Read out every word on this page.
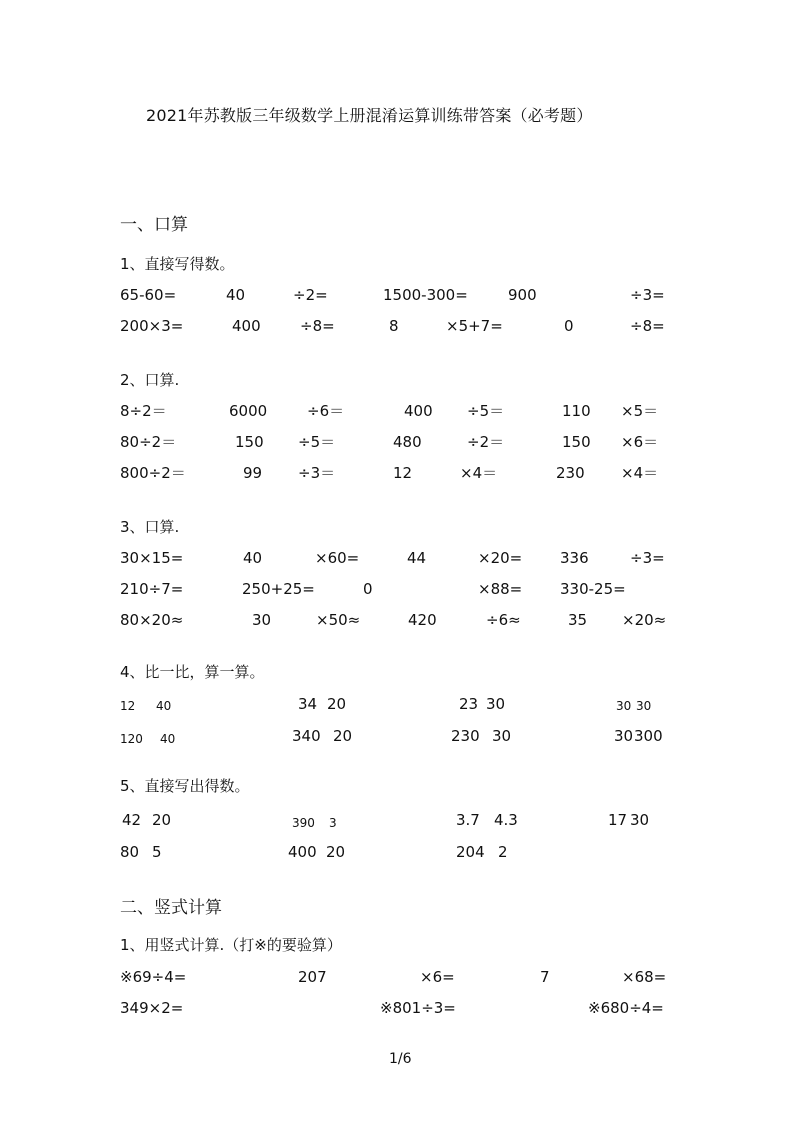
2021年苏教版三年级数学上册混淆运算训练带答案（必考题）
一、口算
1、直接写得数。
65-60=	40	÷2=	1500-300=	900	÷3=
200×3=	400	÷8=	8	×5+7=	0	÷8=
2、口算.
8÷2＝	6000	÷6＝	400 ÷5＝	110 ×5＝
80÷2＝	150 ÷5＝	480	÷2＝	150 ×6＝
800÷2＝	99 ÷3＝	12	×4＝	230 ×4＝
3、口算.
30×15=	40	×60=	44	×20=	336	÷3=
210÷7=	250+25=	0	×88=	330-25=
80×20≈	30	×50≈	420	÷6≈	35 ×20≈
4、比一比，算一算。
12 40	34 20	23 30	30 30
120 40	340 20	230 30	30 300
5、直接写出得数。
42 20	390 3	3.7 4.3	17 30
80 5	400 20	204 2
二、竖式计算
1、用竖式计算.（打※的要验算）
※69÷4=	207	×6=	7	×68=
349×2=	※801÷3=	※680÷4=
1/6
